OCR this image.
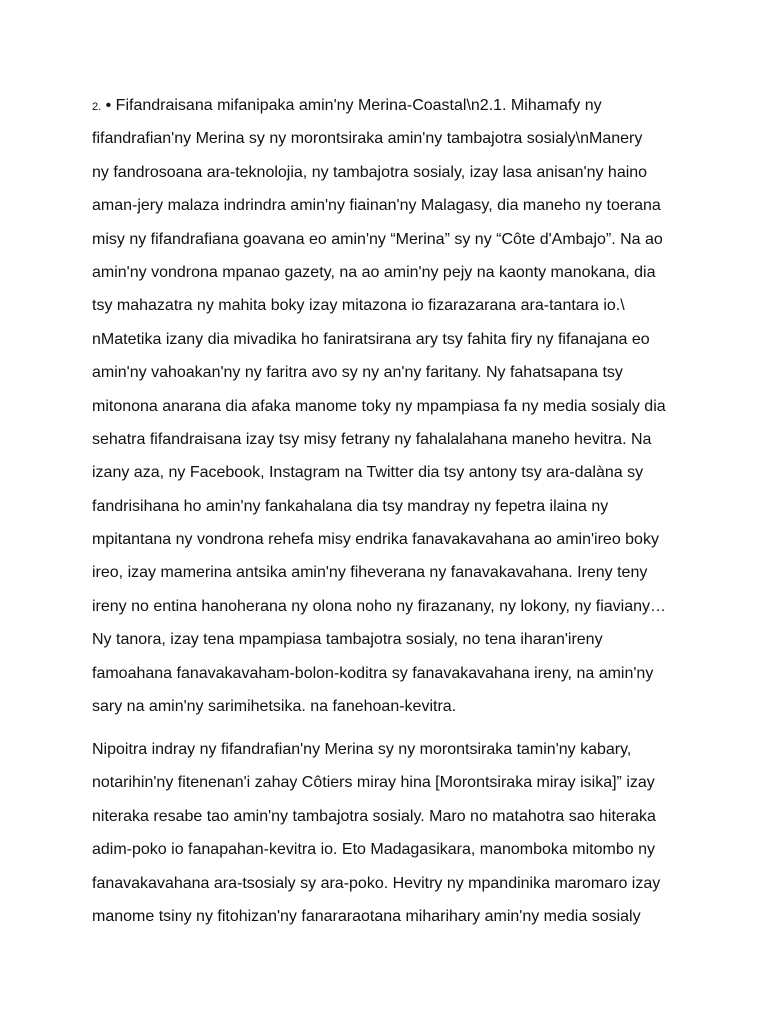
2. • Fifandraisana mifanipaka amin'ny Merina-Coastal\n2.1. Mihamafy ny
fifandrafian'ny Merina sy ny morontsiraka amin'ny tambajotra sosialy\nManery
ny fandrosoana ara-teknolojia, ny tambajotra sosialy, izay lasa anisan'ny haino
aman-jery malaza indrindra amin'ny fiainan'ny Malagasy, dia maneho ny toerana
misy ny fifandrafiana goavana eo amin'ny “Merina” sy ny “Côte d'Ambajo”. Na ao
amin'ny vondrona mpanao gazety, na ao amin'ny pejy na kaonty manokana, dia
tsy mahazatra ny mahita boky izay mitazona io fizarazarana ara-tantara io.\
nMatetika izany dia mivadika ho faniratsirana ary tsy fahita firy ny fifanajana eo
amin'ny vahoakan'ny ny faritra avo sy ny an'ny faritany. Ny fahatsapana tsy
mitonona anarana dia afaka manome toky ny mpampiasa fa ny media sosialy dia
sehatra fifandraisana izay tsy misy fetrany ny fahalalahana maneho hevitra. Na
izany aza, ny Facebook, Instagram na Twitter dia tsy antony tsy ara-dalàna sy
fandrisihana ho amin'ny fankahalana dia tsy mandray ny fepetra ilaina ny
mpitantana ny vondrona rehefa misy endrika fanavakavahana ao amin'ireo boky
ireo, izay mamerina antsika amin'ny fiheverana ny fanavakavahana. Ireny teny
ireny no entina hanoherana ny olona noho ny firazanany, ny lokony, ny fiaviany…
Ny tanora, izay tena mpampiasa tambajotra sosialy, no tena iharan'ireny
famoahana fanavakavaham-bolon-koditra sy fanavakavahana ireny, na amin'ny
sary na amin'ny sarimihetsika. na fanehoan-kevitra.
Nipoitra indray ny fifandrafian'ny Merina sy ny morontsiraka tamin'ny kabary,
notarihin'ny fitenenan'i zahay Côtiers miray hina [Morontsiraka miray isika]” izay
niteraka resabe tao amin'ny tambajotra sosialy. Maro no matahotra sao hiteraka
adim-poko io fanapahan-kevitra io. Eto Madagasikara, manomboka mitombo ny
fanavakavahana ara-tsosialy sy ara-poko. Hevitry ny mpandinika maromaro izay
manome tsiny ny fitohizan'ny fanararaotana miharihary amin'ny media sosialy
